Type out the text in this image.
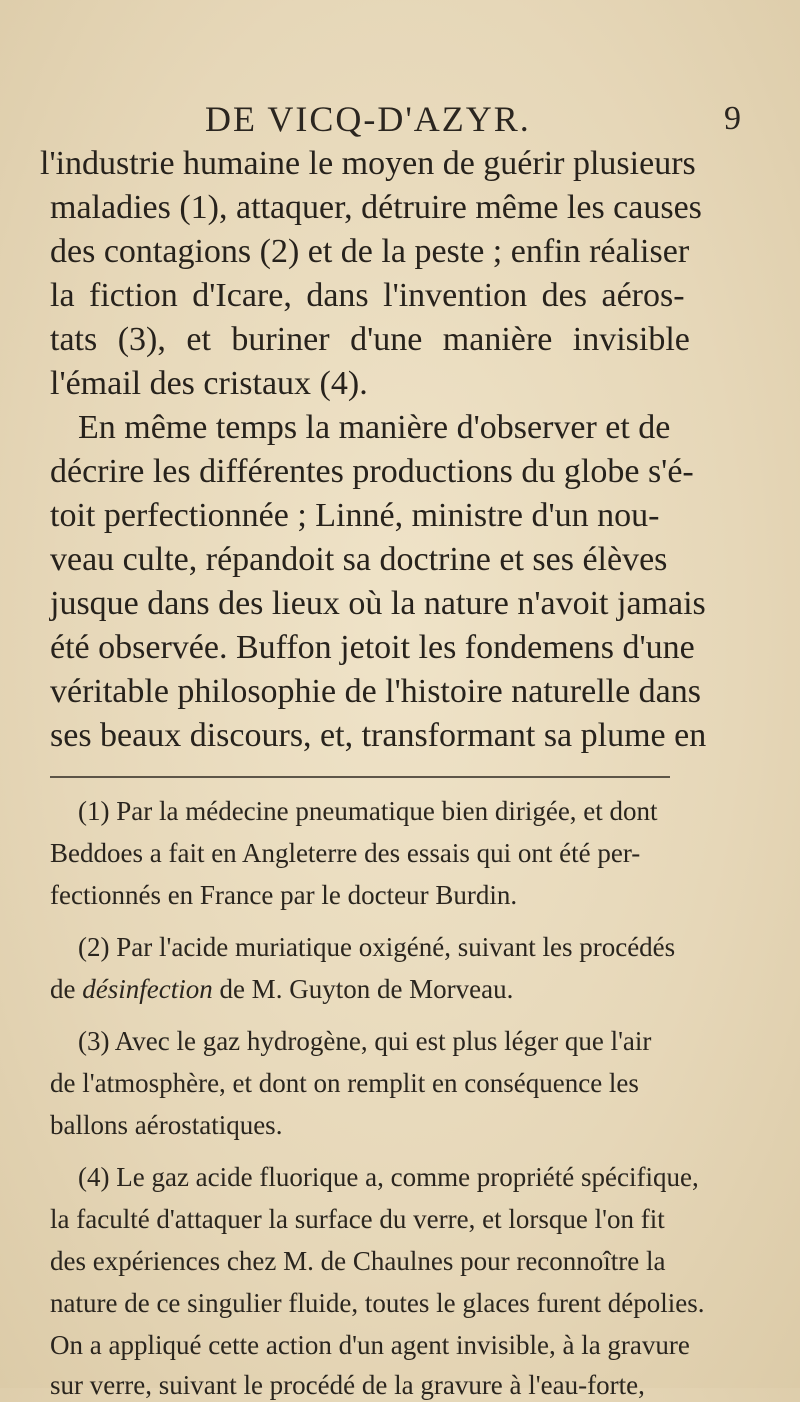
DE VICQ-D'AZYR.	9
l'industrie humaine le moyen de guérir plusieurs
maladies (1), attaquer, détruire même les causes
des contagions (2) et de la peste ; enfin réaliser
la fiction d'Icare, dans l'invention des aéros-
tats (3), et buriner d'une manière invisible
l'émail des cristaux (4).
En même temps la manière d'observer et de
décrire les différentes productions du globe s'é-
toit perfectionnée ; Linné, ministre d'un nou-
veau culte, répandoit sa doctrine et ses élèves
jusque dans des lieux où la nature n'avoit jamais
été observée. Buffon jetoit les fondemens d'une
véritable philosophie de l'histoire naturelle dans
ses beaux discours, et, transformant sa plume en
(1) Par la médecine pneumatique bien dirigée, et dont
Beddoes a fait en Angleterre des essais qui ont été per-
fectionnés en France par le docteur Burdin.
(2) Par l'acide muriatique oxigéné, suivant les procédés
de désinfection de M. Guyton de Morveau.
(3) Avec le gaz hydrogène, qui est plus léger que l'air
de l'atmosphère, et dont on remplit en conséquence les
ballons aérostatiques.
(4) Le gaz acide fluorique a, comme propriété spécifique,
la faculté d'attaquer la surface du verre, et lorsque l'on fit
des expériences chez M. de Chaulnes pour reconnoître la
nature de ce singulier fluide, toutes le glaces furent dépolies.
On a appliqué cette action d'un agent invisible, à la gravure
sur verre, suivant le procédé de la gravure à l'eau-forte,
